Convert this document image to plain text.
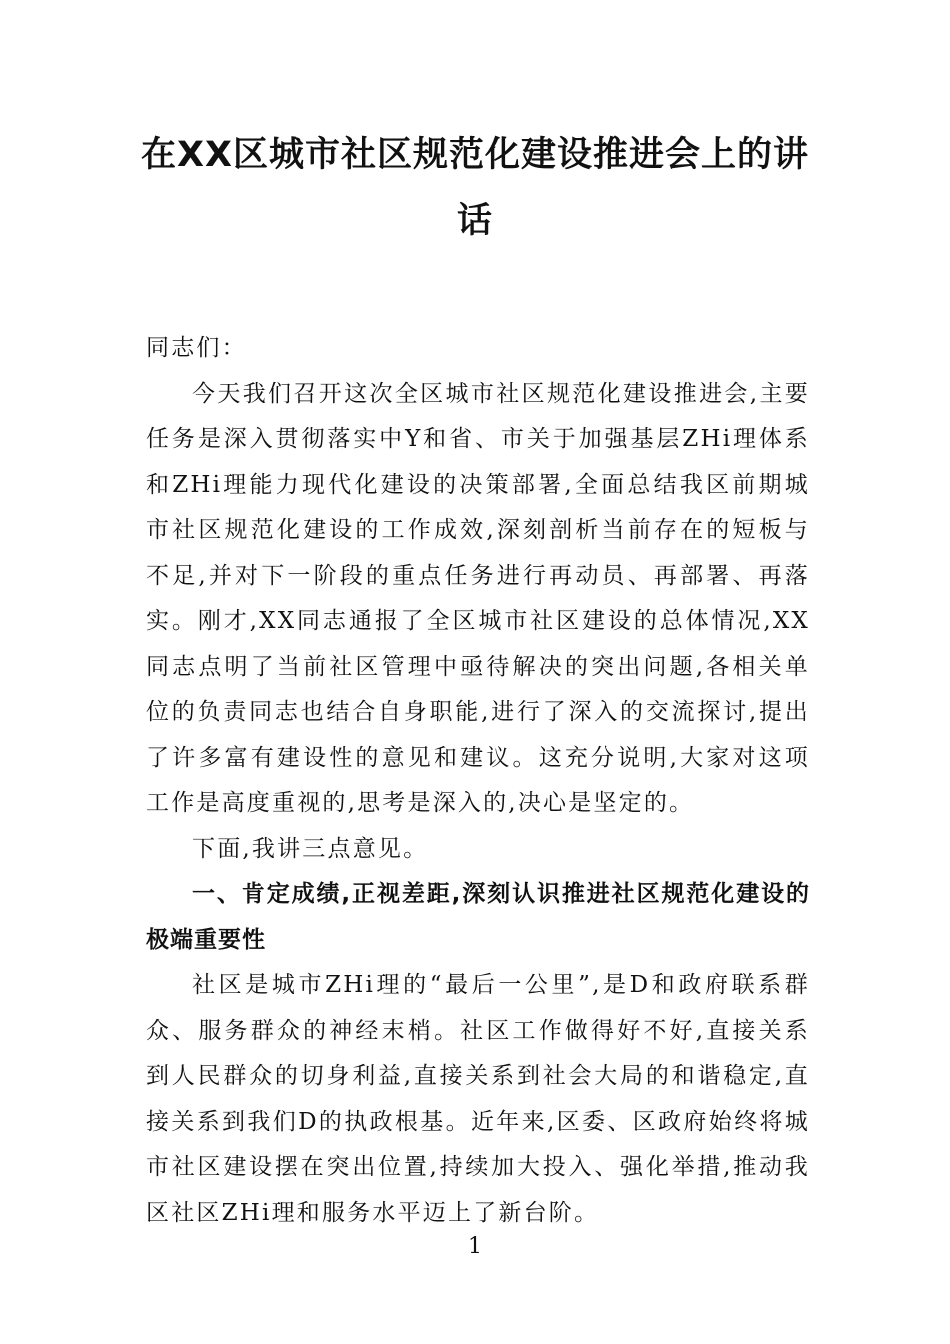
在XX区城市社区规范化建设推进会上的讲话

同志们：

今天我们召开这次全区城市社区规范化建设推进会,主要任务是深入贯彻落实中Y和省、市关于加强基层ZHi理体系和ZHi理能力现代化建设的决策部署,全面总结我区前期城市社区规范化建设的工作成效,深刻剖析当前存在的短板与不足,并对下一阶段的重点任务进行再动员、再部署、再落实。刚才,XX同志通报了全区城市社区建设的总体情况,XX同志点明了当前社区管理中亟待解决的突出问题,各相关单位的负责同志也结合自身职能,进行了深入的交流探讨,提出了许多富有建设性的意见和建议。这充分说明,大家对这项工作是高度重视的,思考是深入的,决心是坚定的。

下面,我讲三点意见。

一、肯定成绩,正视差距,深刻认识推进社区规范化建设的极端重要性

社区是城市ZHi理的“最后一公里”,是D和政府联系群众、服务群众的神经末梢。社区工作做得好不好,直接关系到人民群众的切身利益,直接关系到社会大局的和谐稳定,直接关系到我们D的执政根基。近年来,区委、区政府始终将城市社区建设摆在突出位置,持续加大投入、强化举措,推动我区社区ZHi理和服务水平迈上了新台阶。

1
